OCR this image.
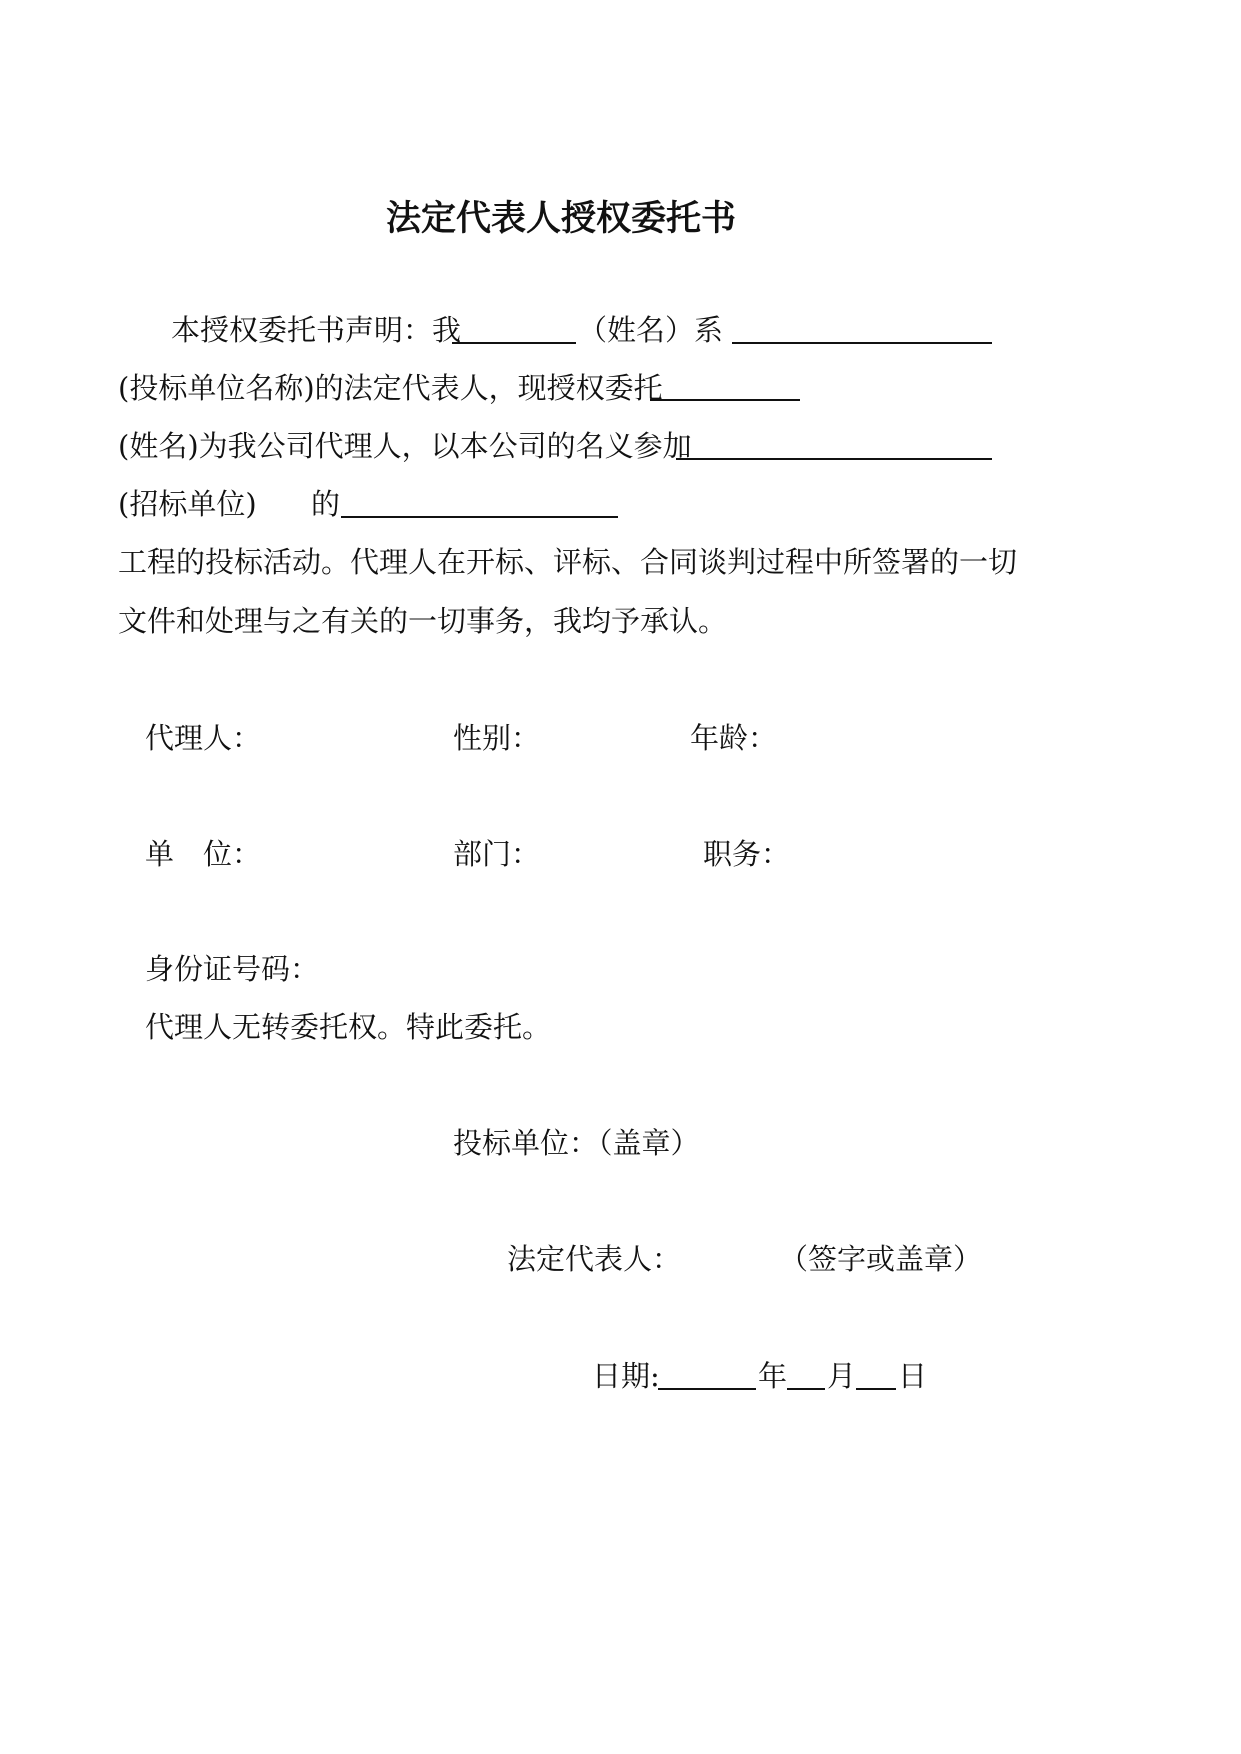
法定代表人授权委托书
本授权委托书声明：我	（姓名）系
(投标单位名称)的法定代表人，现授权委托
(姓名)为我公司代理人，以本公司的名义参加
(招标单位) 的
工程的投标活动。代理人在开标、评标、合同谈判过程中所签署的一切
文件和处理与之有关的一切事务，我均予承认。
代理人：	性别：	年龄：
单　位：	部门：	职务：
身份证号码：
代理人无转委托权。特此委托。
投标单位：（盖章）
法定代表人：	（签字或盖章）
日期:	年 月 日
